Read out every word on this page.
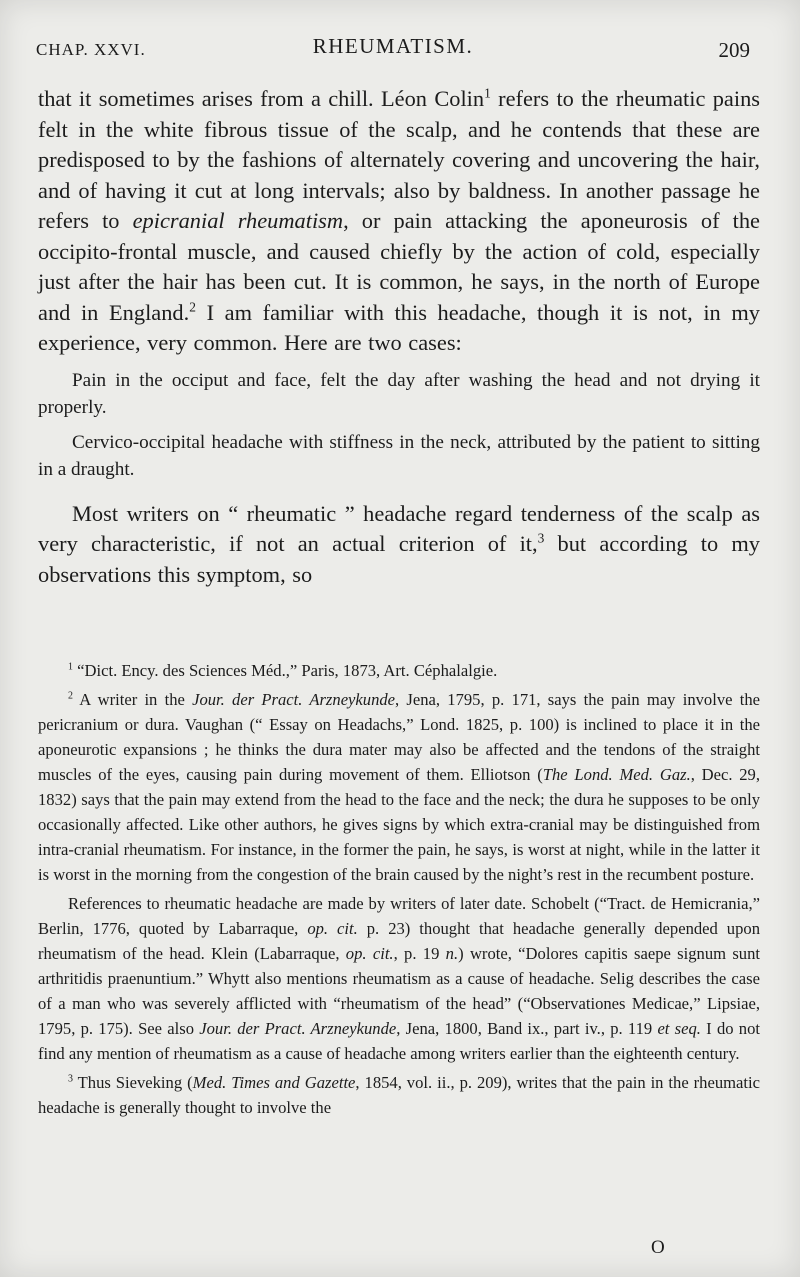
CHAP. XXVI.	RHEUMATISM.	209

that it sometimes arises from a chill. Léon Colin$^1$ refers to the rheumatic pains felt in the white fibrous tissue of the scalp, and he contends that these are predisposed to by the fashions of alternately covering and uncovering the hair, and of having it cut at long intervals; also by baldness. In another passage he refers to epicranial rheumatism, or pain attacking the aponeurosis of the occipito-frontal muscle, and caused chiefly by the action of cold, especially just after the hair has been cut. It is common, he says, in the north of Europe and in England.$^2$ I am familiar with this headache, though it is not, in my experience, very common. Here are two cases:

Pain in the occiput and face, felt the day after washing the head and not drying it properly.

Cervico-occipital headache with stiffness in the neck, attributed by the patient to sitting in a draught.

Most writers on “ rheumatic ” headache regard tenderness of the scalp as very characteristic, if not an actual criterion of it,$^3$ but according to my observations this symptom, so

$^1$ “Dict. Ency. des Sciences Méd.,” Paris, 1873, Art. Céphalalgie.

$^2$ A writer in the Jour. der Pract. Arzneykunde, Jena, 1795, p. 171, says the pain may involve the pericranium or dura. Vaughan (“ Essay on Headachs,” Lond. 1825, p. 100) is inclined to place it in the aponeurotic expansions ; he thinks the dura mater may also be affected and the tendons of the straight muscles of the eyes, causing pain during movement of them. Elliotson (The Lond. Med. Gaz., Dec. 29, 1832) says that the pain may extend from the head to the face and the neck; the dura he supposes to be only occasionally affected. Like other authors, he gives signs by which extra-cranial may be distinguished from intra-cranial rheumatism. For instance, in the former the pain, he says, is worst at night, while in the latter it is worst in the morning from the congestion of the brain caused by the night’s rest in the recumbent posture.

References to rheumatic headache are made by writers of later date. Schobelt (“Tract. de Hemicrania,” Berlin, 1776, quoted by Labarraque, op. cit. p. 23) thought that headache generally depended upon rheumatism of the head. Klein (Labarraque, op. cit., p. 19 n.) wrote, “Dolores capitis saepe signum sunt arthritidis praenuntium.” Whytt also mentions rheumatism as a cause of headache. Selig describes the case of a man who was severely afflicted with “rheumatism of the head” (“Observationes Medicae,” Lipsiae, 1795, p. 175). See also Jour. der Pract. Arzneykunde, Jena, 1800, Band ix., part iv., p. 119 et seq. I do not find any mention of rheumatism as a cause of headache among writers earlier than the eighteenth century.

$^3$ Thus Sieveking (Med. Times and Gazette, 1854, vol. ii., p. 209), writes that the pain in the rheumatic headache is generally thought to involve the

O
